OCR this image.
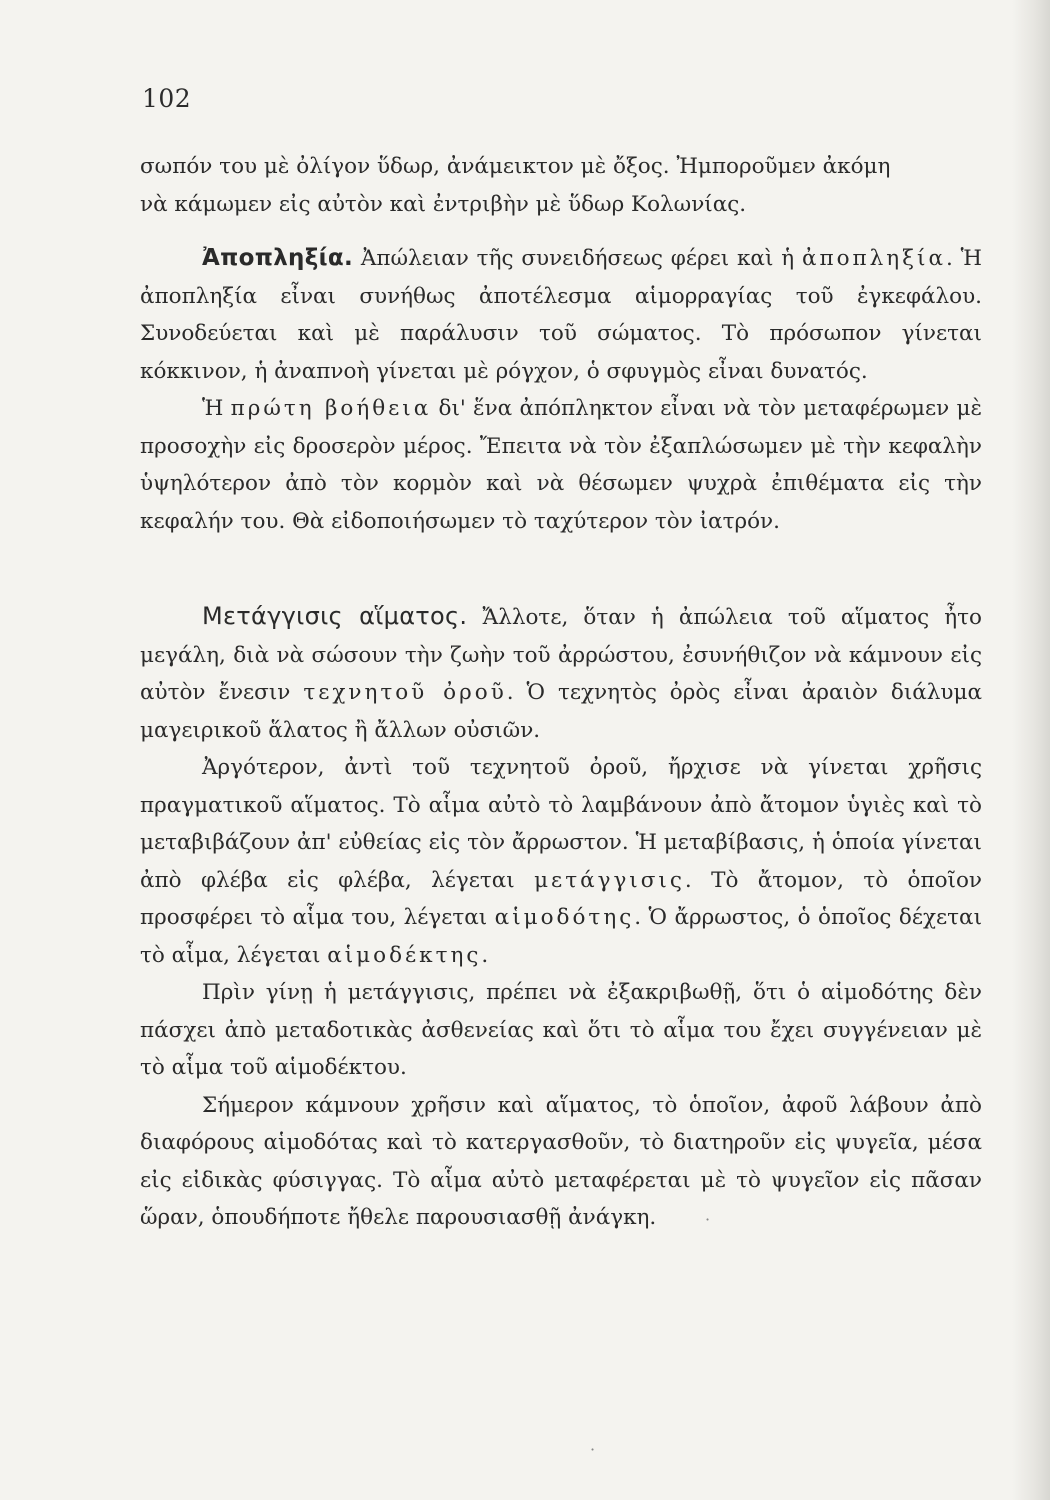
102

σωπόν του μὲ ὀλίγον ὕδωρ, ἀνάμεικτον μὲ ὄξος. Ἠμποροῦμεν ἀκόμη
νὰ κάμωμεν εἰς αὐτὸν καὶ ἐντριβὴν μὲ ὕδωρ Κολωνίας.

Ἀποπληξία. Ἀπώλειαν τῆς συνειδήσεως φέρει καὶ ἡ ἀποπληξία. Ἡ ἀποπληξία εἶναι συνήθως ἀποτέλεσμα αἱμορραγίας τοῦ ἐγκεφάλου. Συνοδεύεται καὶ μὲ παράλυσιν τοῦ σώματος. Τὸ πρόσωπον γίνεται κόκκινον, ἡ ἀναπνοὴ γίνεται μὲ ρόγχον, ὁ σφυγμὸς εἶναι δυνατός.

Ἡ πρώτη βοήθεια δι' ἕνα ἀπόπληκτον εἶναι νὰ τὸν μεταφέρωμεν μὲ προσοχὴν εἰς δροσερὸν μέρος. Ἔπειτα νὰ τὸν ἐξαπλώσωμεν μὲ τὴν κεφαλὴν ὑψηλότερον ἀπὸ τὸν κορμὸν καὶ νὰ θέσωμεν ψυχρὰ ἐπιθέματα εἰς τὴν κεφαλήν του. Θὰ εἰδοποιήσωμεν τὸ ταχύτερον τὸν ἰατρόν.

Μετάγγισις αἵματος. Ἄλλοτε, ὅταν ἡ ἀπώλεια τοῦ αἵματος ἦτο μεγάλη, διὰ νὰ σώσουν τὴν ζωὴν τοῦ ἀρρώστου, ἐσυνήθιζον νὰ κάμνουν εἰς αὐτὸν ἔνεσιν τεχνητοῦ ὀροῦ. Ὁ τεχνητὸς ὀρὸς εἶναι ἀραιὸν διάλυμα μαγειρικοῦ ἅλατος ἢ ἄλλων οὐσιῶν.

Ἀργότερον, ἀντὶ τοῦ τεχνητοῦ ὀροῦ, ἤρχισε νὰ γίνεται χρῆσις πραγματικοῦ αἵματος. Τὸ αἷμα αὐτὸ τὸ λαμβάνουν ἀπὸ ἄτομον ὑγιὲς καὶ τὸ μεταβιβάζουν ἀπ' εὐθείας εἰς τὸν ἄρρωστον. Ἡ μεταβίβασις, ἡ ὁποία γίνεται ἀπὸ φλέβα εἰς φλέβα, λέγεται μετάγγισις. Τὸ ἄτομον, τὸ ὁποῖον προσφέρει τὸ αἷμα του, λέγεται αἱμοδότης. Ὁ ἄρρωστος, ὁ ὁποῖος δέχεται τὸ αἷμα, λέγεται αἱμοδέκτης.

Πρὶν γίνῃ ἡ μετάγγισις, πρέπει νὰ ἐξακριβωθῇ, ὅτι ὁ αἱμοδότης δὲν πάσχει ἀπὸ μεταδοτικὰς ἀσθενείας καὶ ὅτι τὸ αἷμα του ἔχει συγγένειαν μὲ τὸ αἷμα τοῦ αἱμοδέκτου.

Σήμερον κάμνουν χρῆσιν καὶ αἵματος, τὸ ὁποῖον, ἀφοῦ λάβουν ἀπὸ διαφόρους αἱμοδότας καὶ τὸ κατεργασθοῦν, τὸ διατηροῦν εἰς ψυγεῖα, μέσα εἰς εἰδικὰς φύσιγγας. Τὸ αἷμα αὐτὸ μεταφέρεται μὲ τὸ ψυγεῖον εἰς πᾶσαν ὥραν, ὁπουδήποτε ἤθελε παρουσιασθῇ ἀνάγκη.	·
·
